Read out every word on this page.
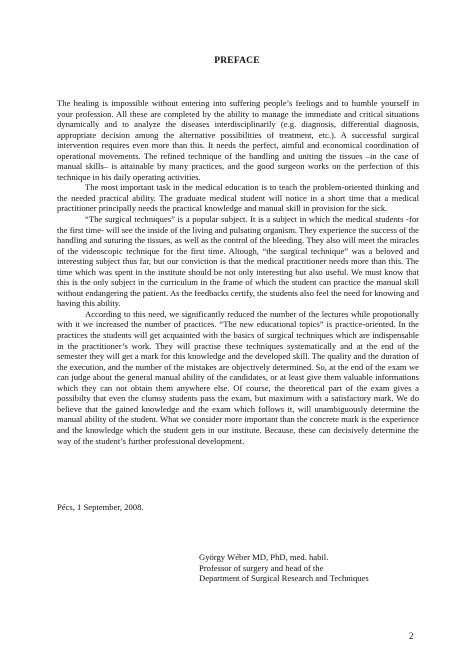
PREFACE

The healing is impossible without entering into suffering people’s feelings and to humble yourself in your profession. All these are completed by the ability to manage the immediate and critical situations dynamically and to analyze the diseases interdisciplinarily (e.g. diagnosis, differential diagnosis, appropriate decision among the alternative possibilities of treatment, etc.). A successful surgical intervention requires even more than this. It needs the perfect, aimful and economical coordination of operational movements. The refined technique of the handling and uniting the tissues –in the case of manual skills– is attainable by many practices, and the good surgeon works on the perfection of this technique in his daily operating activities.

The most important task in the medical education is to teach the problem-oriented thinking and the needed practical ability. The graduate medical student will notice in a short time that a medical practitioner principally needs the practical knowledge and manual skill in provision for the sick.

“The surgical techniques” is a popular subject. It is a subject in which the medical students -for the first time- will see the inside of the living and pulsating organism. They experience the success of the handling and suturing the tissues, as well as the control of the bleeding. They also will meet the miracles of the videoscopic technique for the first time. Altough, “the surgical technique” was a beloved and interesting subject thus far, but our conviction is that the medical practitioner needs more than this. The time which was spent in the institute should be not only interesting but also useful. We must know that this is the only subject in the curriculum in the frame of which the student can practice the manual skill without endangering the patient. As the feedbacks certify, the students also feel the need for knowing and having this ability.

According to this need, we significantly reduced the number of the lectures while propotionally with it we increased the number of practices. “The new educational topics” is practice-oriented. In the practices the students will get acquainted with the basics of surgical techniques which are indispensable in the practitioner’s work. They will practise these techniques systematically and at the end of the semester they will get a mark for this knowledge and the developed skill. The quality and the duration of the execution, and the number of the mistakes are objectively determined. So, at the end of the exam we can judge about the general manual ability of the candidates, or at least give them valuable informations which they can not obtain them anywhere else. Of course, the theoretical part of the exam gives a possibilty that even the clumsy students pass the exam, but maximum with a satisfactory mark. We do believe that the gained knowledge and the exam which follows it, will unambiguously determine the manual ability of the student. What we consider more important than the concrete mark is the experience and the knowledge which the student gets in our institute. Because, these can decisively determine the way of the student’s further professional development.

Pécs, 1 September, 2008.
György Wéber MD, PhD, med. habil.
Professor of surgery and head of the
Department of Surgical Research and Techniques
2
